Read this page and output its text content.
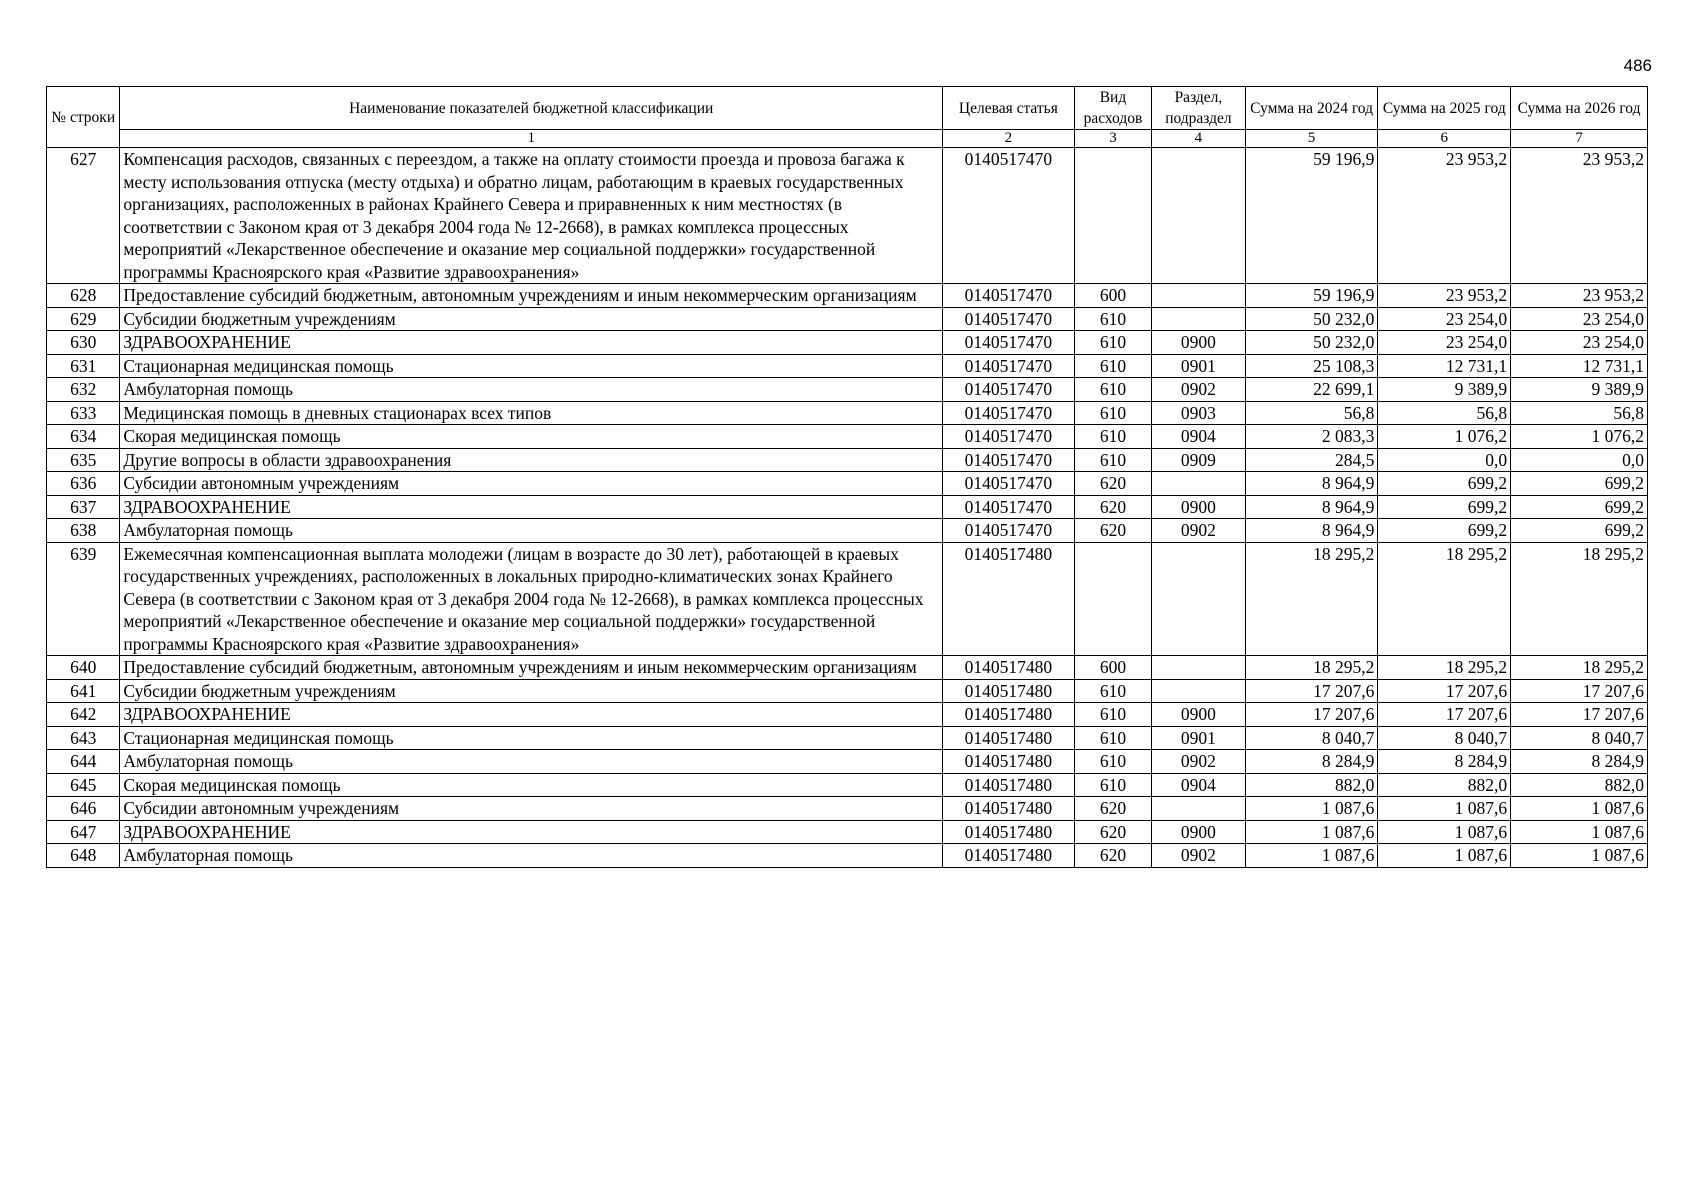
486
№ строки	Наименование показателей бюджетной классификации	Целевая статья	Вид расходов	Раздел, подраздел	Сумма на 2024 год	Сумма на 2025 год	Сумма на 2026 год
	1	2	3	4	5	6	7
627	Компенсация расходов, связанных с переездом, а также на оплату стоимости проезда и провоза багажа к месту использования отпуска (месту отдыха) и обратно лицам, работающим в краевых государственных организациях, расположенных в районах Крайнего Севера и приравненных к ним местностях (в соответствии с Законом края от 3 декабря 2004 года № 12-2668), в рамках комплекса процессных мероприятий «Лекарственное обеспечение и оказание мер социальной поддержки» государственной программы Красноярского края «Развитие здравоохранения»	0140517470			59 196,9	23 953,2	23 953,2
628	Предоставление субсидий бюджетным, автономным учреждениям и иным некоммерческим организациям	0140517470	600		59 196,9	23 953,2	23 953,2
629	Субсидии бюджетным учреждениям	0140517470	610		50 232,0	23 254,0	23 254,0
630	ЗДРАВООХРАНЕНИЕ	0140517470	610	0900	50 232,0	23 254,0	23 254,0
631	Стационарная медицинская помощь	0140517470	610	0901	25 108,3	12 731,1	12 731,1
632	Амбулаторная помощь	0140517470	610	0902	22 699,1	9 389,9	9 389,9
633	Медицинская помощь в дневных стационарах всех типов	0140517470	610	0903	56,8	56,8	56,8
634	Скорая медицинская помощь	0140517470	610	0904	2 083,3	1 076,2	1 076,2
635	Другие вопросы в области здравоохранения	0140517470	610	0909	284,5	0,0	0,0
636	Субсидии автономным учреждениям	0140517470	620		8 964,9	699,2	699,2
637	ЗДРАВООХРАНЕНИЕ	0140517470	620	0900	8 964,9	699,2	699,2
638	Амбулаторная помощь	0140517470	620	0902	8 964,9	699,2	699,2
639	Ежемесячная компенсационная выплата молодежи (лицам в возрасте до 30 лет), работающей в краевых государственных учреждениях, расположенных в локальных природно-климатических зонах Крайнего Севера (в соответствии с Законом края от 3 декабря 2004 года № 12-2668), в рамках комплекса процессных мероприятий «Лекарственное обеспечение и оказание мер социальной поддержки» государственной программы Красноярского края «Развитие здравоохранения»	0140517480			18 295,2	18 295,2	18 295,2
640	Предоставление субсидий бюджетным, автономным учреждениям и иным некоммерческим организациям	0140517480	600		18 295,2	18 295,2	18 295,2
641	Субсидии бюджетным учреждениям	0140517480	610		17 207,6	17 207,6	17 207,6
642	ЗДРАВООХРАНЕНИЕ	0140517480	610	0900	17 207,6	17 207,6	17 207,6
643	Стационарная медицинская помощь	0140517480	610	0901	8 040,7	8 040,7	8 040,7
644	Амбулаторная помощь	0140517480	610	0902	8 284,9	8 284,9	8 284,9
645	Скорая медицинская помощь	0140517480	610	0904	882,0	882,0	882,0
646	Субсидии автономным учреждениям	0140517480	620		1 087,6	1 087,6	1 087,6
647	ЗДРАВООХРАНЕНИЕ	0140517480	620	0900	1 087,6	1 087,6	1 087,6
648	Амбулаторная помощь	0140517480	620	0902	1 087,6	1 087,6	1 087,6
